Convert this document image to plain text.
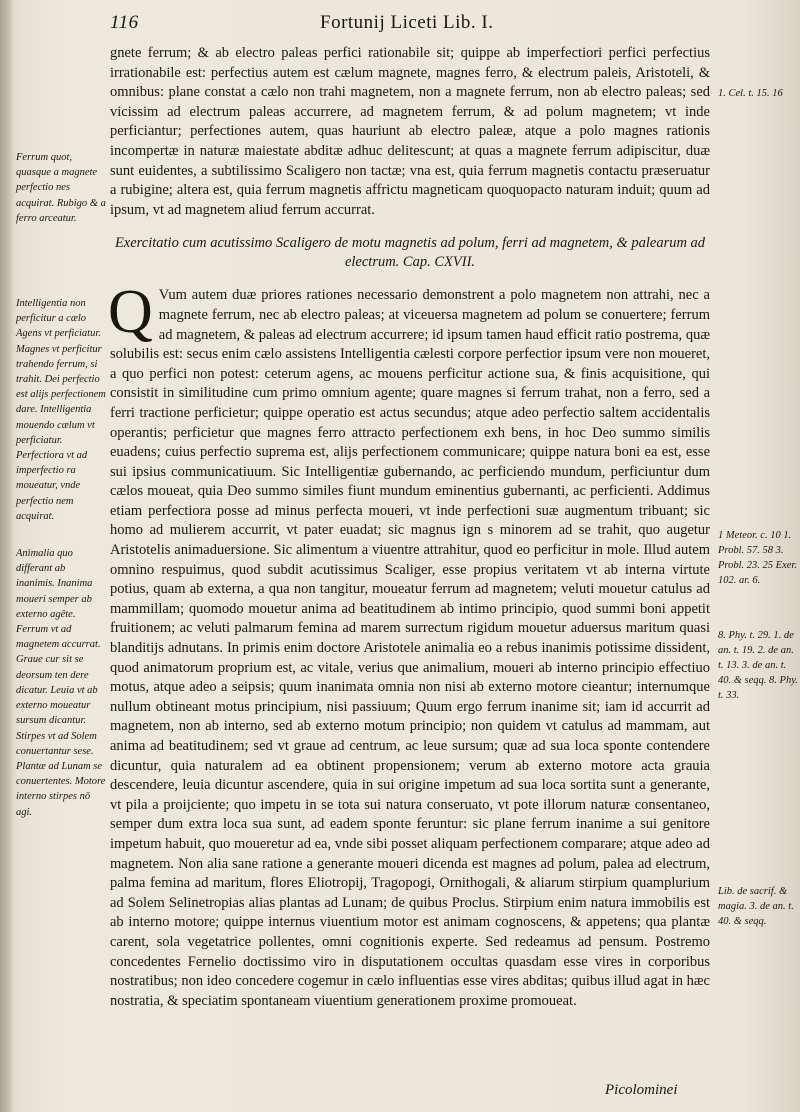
116	Fortunij Liceti Lib. I.

gnete ferrum; & ab electro paleas perfici rationabile sit; quippe ab imperfectiori perfici perfectius irrationabile est: perfectius autem est cælum magnete, magnes ferro, & electrum paleis, Aristoteli, & omnibus: plane constat a cælo non trahi magnetem, non a magnete ferrum, non ab electro paleas; sed vicissim ad electrum paleas accurrere, ad magnetem ferrum, & ad polum magnetem; vt inde perficiantur; perfectiones autem, quas hauriunt ab electro paleæ, atque a polo magnes rationis incompertæ in naturæ maiestate abditæ adhuc delitescunt; at quas a magnete ferrum adipiscitur, duæ sunt euidentes, a subtilissimo Scaligero non tactæ; vna est, quia ferrum magnetis contactu præseruatur a rubigine; altera est, quia ferrum magnetis affrictu magneticam quoquopacto naturam induit; quum ad ipsum, vt ad magnetem aliud ferrum accurrat.

Exercitatio cum acutissimo Scaligero de motu magnetis ad polum, ferri ad magnetem, & palearum ad electrum. Cap. CXVII.

Q Vum autem duæ priores rationes necessario demonstrent a polo magnetem non attrahi, nec a magnete ferrum, nec ab electro paleas; at viceuersa magnetem ad polum se conuertere; ferrum ad magnetem, & paleas ad electrum accurrere; id ipsum tamen haud efficit ratio postrema, quæ solubilis est: secus enim cælo assistens Intelligentia cælesti corpore perfectior ipsum vere non moueret, a quo perfici non potest: ceterum agens, ac mouens perficitur actione sua, & finis acquisitione, qui consistit in similitudine cum primo omnium agente; quare magnes si ferrum trahat, non a ferro, sed a ferri tractione perficietur; quippe operatio est actus secundus; atque adeo perfectio saltem accidentalis operantis; perficietur que magnes ferro attracto perfectionem exh bens, in hoc Deo summo similis euadens; cuius perfectio suprema est, alijs perfectionem communicare; quippe natura boni ea est, esse sui ipsius communicatiuum. Sic Intelligentiæ gubernando, ac perficiendo mundum, perficiuntur dum cælos moueat, quia Deo summo similes fiunt mundum eminentius gubernanti, ac perficienti. Addimus etiam perfectiora posse ad minus perfecta moueri, vt inde perfectioni suæ augmentum tribuant; sic homo ad mulierem accurrit, vt pater euadat; sic magnus ign s minorem ad se trahit, quo augetur Aristotelis animaduersione. Sic alimentum a viuentre attrahitur, quod eo perficitur in mole. Illud autem omnino respuimus, quod subdit acutissimus Scaliger, esse propius veritatem vt ab interna virtute potius, quam ab externa, a qua non tangitur, moueatur ferrum ad magnetem; veluti mouetur catulus ad mammillam; quomodo mouetur anima ad beatitudinem ab intimo principio, quod summi boni appetit fruitionem; ac veluti palmarum femina ad marem surrectum rigidum mouetur aduersus maritum quasi blanditijs adnutans. In primis enim doctore Aristotele animalia eo a rebus inanimis potissime dissident, quod animatorum proprium est, ac vitale, verius que animalium, moueri ab interno principio effectiuo motus, atque adeo a seipsis; quum inanimata omnia non nisi ab externo motore cieantur; internumque nullum obtineant motus principium, nisi passiuum; Quum ergo ferrum inanime sit; iam id accurrit ad magnetem, non ab interno, sed ab externo motum principio; non quidem vt catulus ad mammam, aut anima ad beatitudinem; sed vt graue ad centrum, ac leue sursum; quæ ad sua loca sponte contendere dicuntur, quia naturalem ad ea obtinent propensionem; verum ab externo motore acta grauia descendere, leuia dicuntur ascendere, quia in sui origine impetum ad sua loca sortita sunt a generante, vt pila a proijciente; quo impetu in se tota sui natura conseruato, vt pote illorum naturæ consentaneo, semper dum extra loca sua sunt, ad eadem sponte feruntur: sic plane ferrum inanime a sui genitore impetum habuit, quo moueretur ad ea, vnde sibi posset aliquam perfectionem comparare; atque adeo ad magnetem. Non alia sane ratione a generante moueri dicenda est magnes ad polum, palea ad electrum, palma femina ad maritum, flores Eliotropij, Tragopogi, Ornithogali, & aliarum stirpium quamplurium ad Solem Selinetropias alias plantas ad Lunam; de quibus Proclus. Stirpium enim natura immobilis est ab interno motore; quippe internus viuentium motor est animam cognoscens, & appetens; qua plantæ carent, sola vegetatrice pollentes, omni cognitionis experte. Sed redeamus ad pensum. Postremo concedentes Fernelio doctissimo viro in disputationem occultas quasdam esse vires in corporibus nostratibus; non ideo concedere cogemur in cælo influentias esse vires abditas; quibus illud agat in hæc nostratia, & speciatim spontaneam viuentium generationem proxime promoueat.

Ferrum quot, quasque a magnete perfectio nes acquirat. Rubigo & a ferro arceatur.
Intelligentia non perficitur a cælo Agens vt perficiatur. Magnes vt perficitur trahendo ferrum, si trahit. Dei perfectio est alijs perfectionem dare. Intelligentia mouendo cælum vt perficiatur. Perfectiora vt ad imperfectio ra moueatur, vnde perfectio nem acquirat.
Animalia quo differant ab inanimis. Inanima moueri semper ab externo agēte. Ferrum vt ad magnetem accurrat. Graue cur sit se deorsum ten dere dicatur. Leuia vt ab externo moueatur sursum dicantur. Stirpes vt ad Solem conuertantur sese. Plantæ ad Lunam se conuertentes. Motore interno stirpes nō agi.
1. Cel. t. 15. 16
1 Meteor. c. 10 1. Probl. 57. 58 3. Probl. 23. 25 Exer. 102. ar. 6.
8. Phy. t. 29. 1. de an. t. 19. 2. de an. t. 13. 3. de an. t. 40. & seqq. 8. Phy. t. 33.
Lib. de sacrif. & magia. 3. de an. t. 40. & seqq.
Picolominei
